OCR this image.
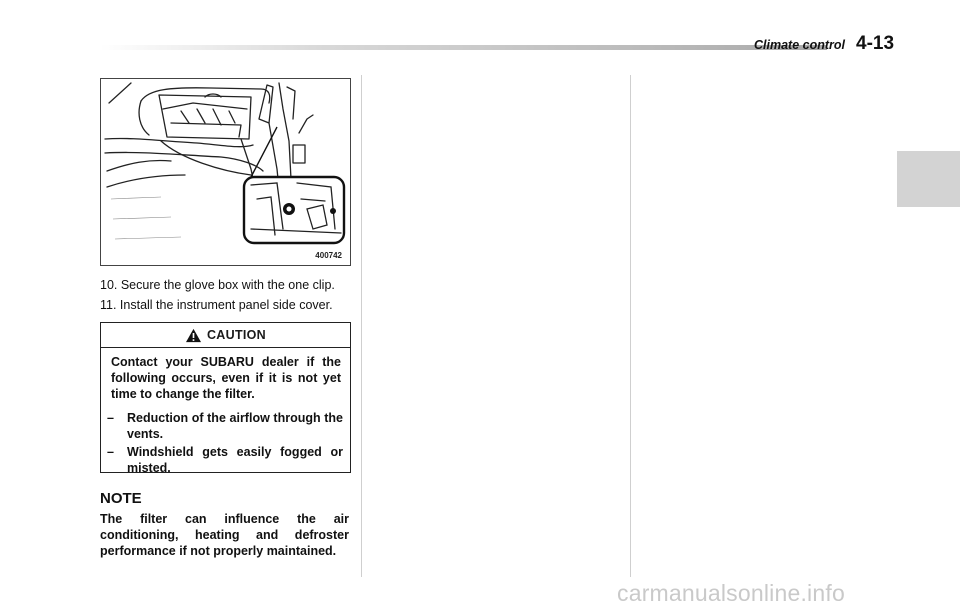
Climate control 4-13
400742
10. Secure the glove box with the one clip.
11. Install the instrument panel side cover.
CAUTION
Contact your SUBARU dealer if the following occurs, even if it is not yet time to change the filter.
– Reduction of the airflow through the vents.
– Windshield gets easily fogged or misted.
NOTE
The filter can influence the air conditioning, heating and defroster performance if not properly maintained.
carmanualsonline.info
